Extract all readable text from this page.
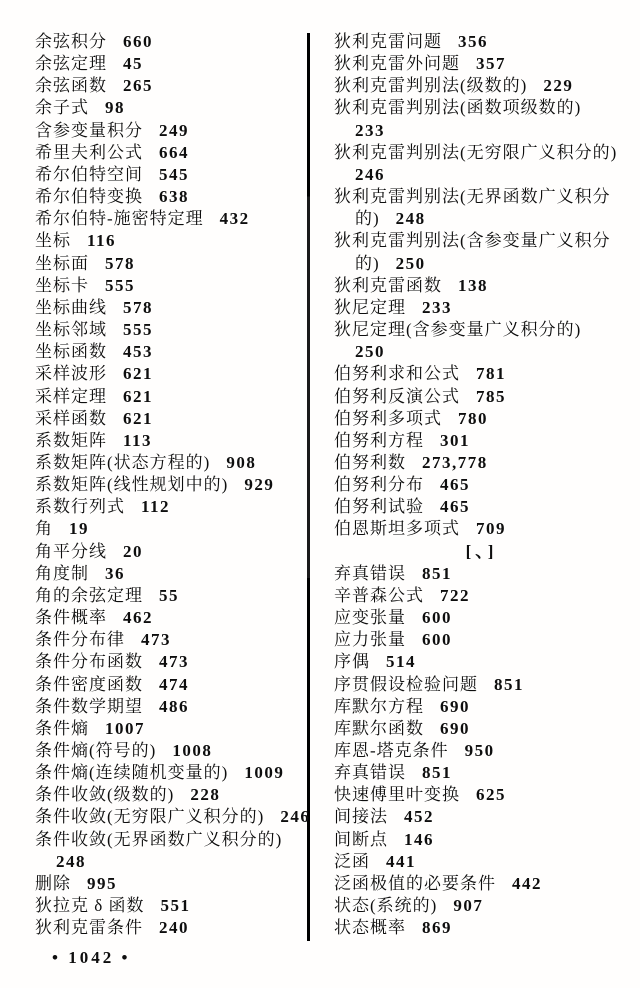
余弦积分 660
余弦定理 45
余弦函数 265
余子式 98
含参变量积分 249
希里夫利公式 664
希尔伯特空间 545
希尔伯特变换 638
希尔伯特-施密特定理 432
坐标 116
坐标面 578
坐标卡 555
坐标曲线 578
坐标邻域 555
坐标函数 453
采样波形 621
采样定理 621
采样函数 621
系数矩阵 113
系数矩阵(状态方程的) 908
系数矩阵(线性规划中的) 929
系数行列式 112
角 19
角平分线 20
角度制 36
角的余弦定理 55
条件概率 462
条件分布律 473
条件分布函数 473
条件密度函数 474
条件数学期望 486
条件熵 1007
条件熵(符号的) 1008
条件熵(连续随机变量的) 1009
条件收敛(级数的) 228
条件收敛(无穷限广义积分的) 246
条件收敛(无界函数广义积分的)
248
删除 995
狄拉克 δ 函数 551
狄利克雷条件 240
狄利克雷问题 356
狄利克雷外问题 357
狄利克雷判别法(级数的) 229
狄利克雷判别法(函数项级数的)
233
狄利克雷判别法(无穷限广义积分的)
246
狄利克雷判别法(无界函数广义积分
的) 248
狄利克雷判别法(含参变量广义积分
的) 250
狄利克雷函数 138
狄尼定理 233
狄尼定理(含参变量广义积分的)
250
伯努利求和公式 781
伯努利反演公式 785
伯努利多项式 780
伯努利方程 301
伯努利数 273,778
伯努利分布 465
伯努利试验 465
伯恩斯坦多项式 709
[、]
弃真错误 851
辛普森公式 722
应变张量 600
应力张量 600
序偶 514
序贯假设检验问题 851
库默尔方程 690
库默尔函数 690
库恩-塔克条件 950
弃真错误 851
快速傅里叶变换 625
间接法 452
间断点 146
泛函 441
泛函极值的必要条件 442
状态(系统的) 907
状态概率 869
• 1042 •
